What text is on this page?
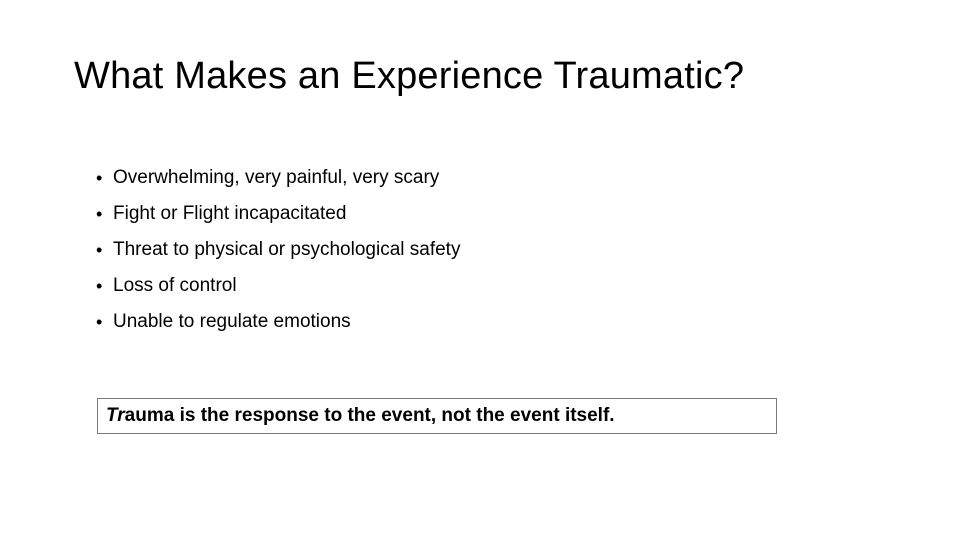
What Makes an Experience Traumatic?
• Overwhelming, very painful, very scary
• Fight or Flight incapacitated
• Threat to physical or psychological safety
• Loss of control
• Unable to regulate emotions
Tr auma is the response to the event, not the event itself.
